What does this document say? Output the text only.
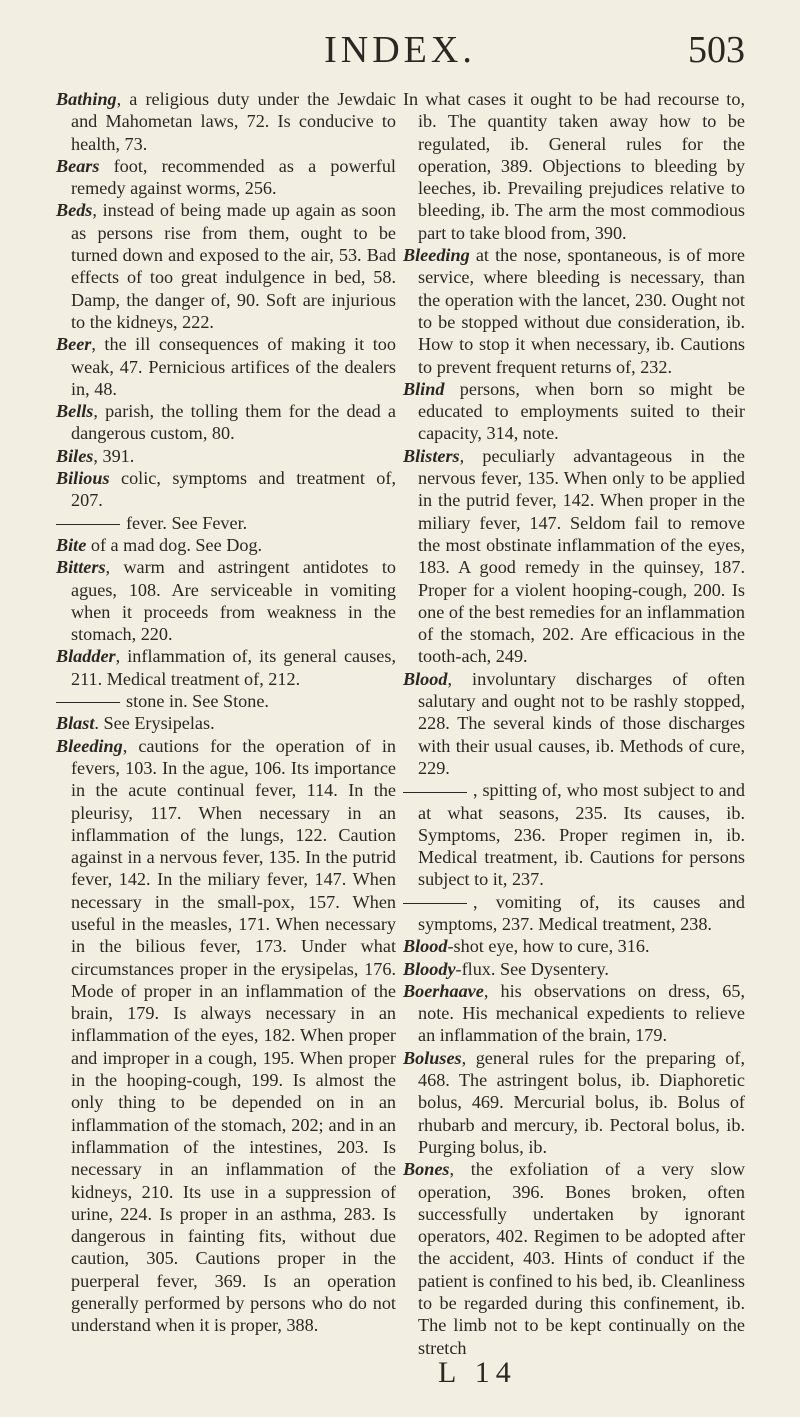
INDEX.	503

Bathing, a religious duty under the Jewdaic and Mahometan laws, 72. Is conducive to health, 73.

Bears foot, recommended as a powerful remedy against worms, 256.

Beds, instead of being made up again as soon as persons rise from them, ought to be turned down and exposed to the air, 53. Bad effects of too great indulgence in bed, 58. Damp, the danger of, 90. Soft are injurious to the kidneys, 222.

Beer, the ill consequences of making it too weak, 47. Pernicious artifices of the dealers in, 48.

Bells, parish, the tolling them for the dead a dangerous custom, 80.

Biles, 391.

Bilious colic, symptoms and treatment of, 207.

fever. See Fever.

Bite of a mad dog. See Dog.

Bitters, warm and astringent antidotes to agues, 108. Are serviceable in vomiting when it proceeds from weakness in the stomach, 220.

Bladder, inflammation of, its general causes, 211. Medical treatment of, 212.

stone in. See Stone.

Blast. See Erysipelas.

Bleeding, cautions for the operation of in fevers, 103. In the ague, 106. Its importance in the acute continual fever, 114. In the pleurisy, 117. When necessary in an inflammation of the lungs, 122. Caution against in a nervous fever, 135. In the putrid fever, 142. In the miliary fever, 147. When necessary in the small-pox, 157. When useful in the measles, 171. When necessary in the bilious fever, 173. Under what circumstances proper in the erysipelas, 176. Mode of proper in an inflammation of the brain, 179. Is always necessary in an inflammation of the eyes, 182. When proper and improper in a cough, 195. When proper in the hooping-cough, 199. Is almost the only thing to be depended on in an inflammation of the stomach, 202; and in an inflammation of the intestines, 203. Is necessary in an inflammation of the kidneys, 210. Its use in a suppression of urine, 224. Is proper in an asthma, 283. Is dangerous in fainting fits, without due caution, 305. Cautions proper in the puerperal fever, 369. Is an operation generally performed by persons who do not understand when it is proper, 388.

In what cases it ought to be had recourse to, ib. The quantity taken away how to be regulated, ib. General rules for the operation, 389. Objections to bleeding by leeches, ib. Prevailing prejudices relative to bleeding, ib. The arm the most commodious part to take blood from, 390.

Bleeding at the nose, spontaneous, is of more service, where bleeding is necessary, than the operation with the lancet, 230. Ought not to be stopped without due consideration, ib. How to stop it when necessary, ib. Cautions to prevent frequent returns of, 232.

Blind persons, when born so might be educated to employments suited to their capacity, 314, note.

Blisters, peculiarly advantageous in the nervous fever, 135. When only to be applied in the putrid fever, 142. When proper in the miliary fever, 147. Seldom fail to remove the most obstinate inflammation of the eyes, 183. A good remedy in the quinsey, 187. Proper for a violent hooping-cough, 200. Is one of the best remedies for an inflammation of the stomach, 202. Are efficacious in the tooth-ach, 249.

Blood, involuntary discharges of often salutary and ought not to be rashly stopped, 228. The several kinds of those discharges with their usual causes, ib. Methods of cure, 229.

, spitting of, who most subject to and at what seasons, 235. Its causes, ib. Symptoms, 236. Proper regimen in, ib. Medical treatment, ib. Cautions for persons subject to it, 237.

, vomiting of, its causes and symptoms, 237. Medical treatment, 238.

Blood-shot eye, how to cure, 316.

Bloody-flux. See Dysentery.

Boerhaave, his observations on dress, 65, note. His mechanical expedients to relieve an inflammation of the brain, 179.

Boluses, general rules for the preparing of, 468. The astringent bolus, ib. Diaphoretic bolus, 469. Mercurial bolus, ib. Bolus of rhubarb and mercury, ib. Pectoral bolus, ib. Purging bolus, ib.

Bones, the exfoliation of a very slow operation, 396. Bones broken, often successfully undertaken by ignorant operators, 402. Regimen to be adopted after the accident, 403. Hints of conduct if the patient is confined to his bed, ib. Cleanliness to be regarded during this confinement, ib. The limb not to be kept continually on the stretch

L 14
